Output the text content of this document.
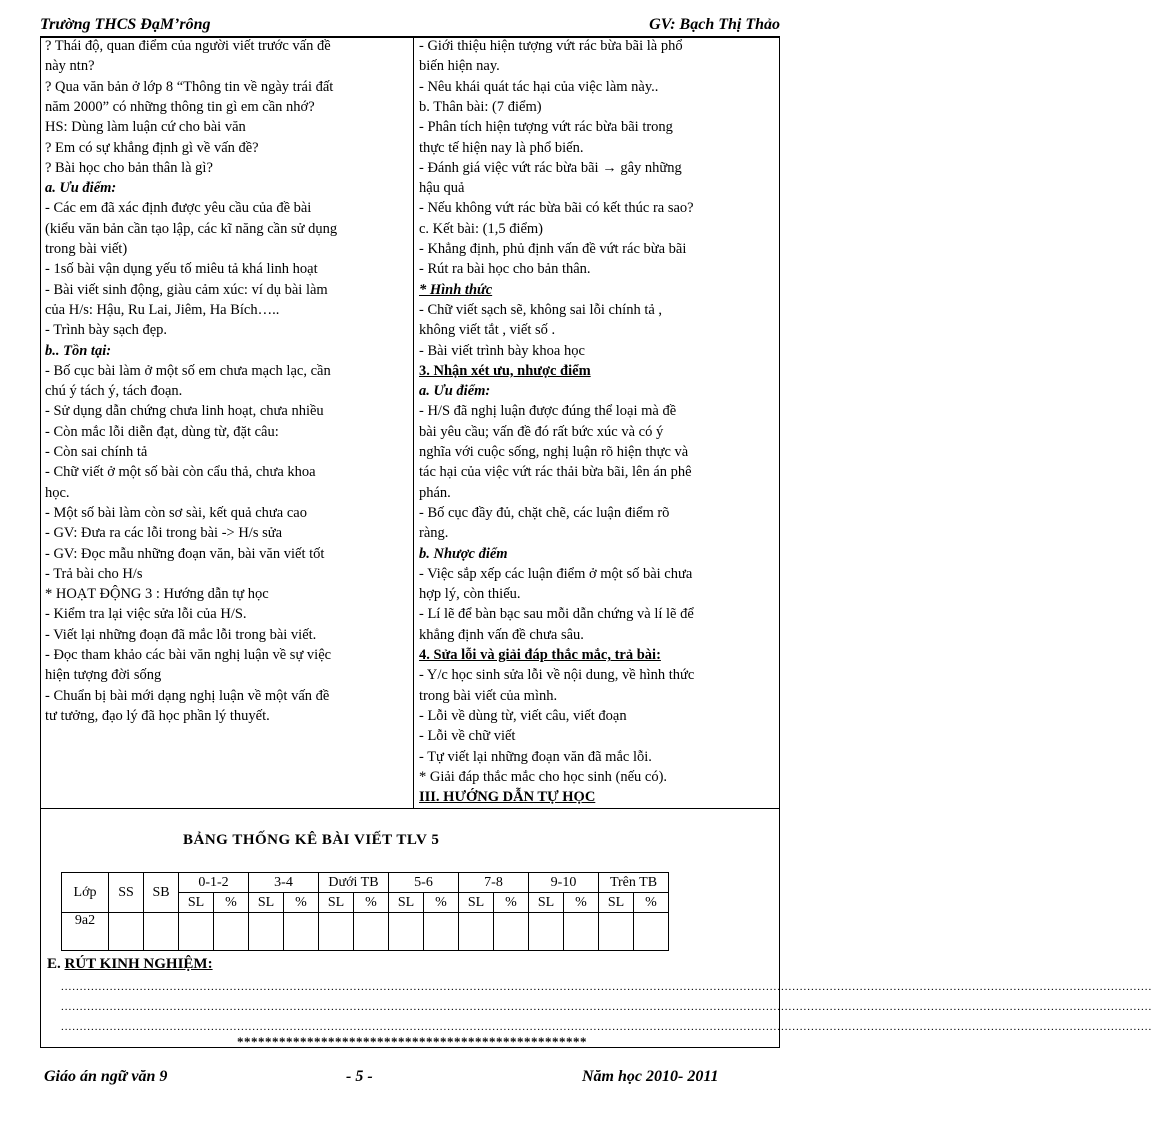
Trường THCS ĐạM’rông	GV: Bạch Thị Thảo
? Thái độ, quan điểm của người viết trước vấn đề
này ntn?
? Qua văn bản ở lớp 8 “Thông tin về ngày trái đất
năm 2000” có những thông tin gì em cần nhớ?
HS: Dùng làm luận cứ cho bài văn
? Em có sự khẳng định gì về vấn đề?
? Bài học cho bản thân là gì?
a. Ưu điểm:
- Các em đã xác định được yêu cầu của đề bài
(kiểu văn bản cần tạo lập, các kĩ năng cần sử dụng
trong bài viết)
- 1số bài vận dụng yếu tố miêu tả khá linh hoạt
- Bài viết sinh động, giàu cảm xúc: ví dụ bài làm
của H/s: Hậu, Ru Lai, Jiêm, Ha Bích…..
- Trình bày sạch đẹp.
b.. Tồn tại:
- Bố cục bài làm ở một số em chưa mạch lạc, cần
chú ý tách ý, tách đoạn.
- Sử dụng dẫn chứng chưa linh hoạt, chưa nhiều
- Còn mắc lỗi diễn đạt, dùng từ, đặt câu:
- Còn sai chính tả
- Chữ viết ở một số bài còn cẩu thả, chưa khoa
học.
- Một số bài làm còn sơ sài, kết quả chưa cao
- GV: Đưa ra các lỗi trong bài -> H/s sửa
- GV: Đọc mẫu những đoạn văn, bài văn viết tốt
- Trả bài cho H/s
* HOẠT ĐỘNG 3 : Hướng dẫn tự học
- Kiểm tra lại việc sửa lỗi của H/S.
- Viết lại những đoạn đã mắc lỗi trong bài viết.
- Đọc tham khảo các bài văn nghị luận về sự việc
hiện tượng đời sống
- Chuẩn bị bài mới dạng nghị luận về một vấn đề
tư tưởng, đạo lý đã học phần lý thuyết.
- Giới thiệu hiện tượng vứt rác bừa bãi là phổ
biến hiện nay.
- Nêu khái quát tác hại của việc làm này..
b. Thân bài: (7 điểm)
- Phân tích hiện tượng vứt rác bừa bãi trong
thực tế hiện nay là phổ biến.
- Đánh giá việc vứt rác bừa bãi → gây những
hậu quả
- Nếu không vứt rác bừa bãi có kết thúc ra sao?
c. Kết bài: (1,5 điểm)
- Khẳng định, phủ định vấn đề vứt rác bừa bãi
- Rút ra bài học cho bản thân.
* Hình thức
- Chữ viết sạch sẽ, không sai lỗi chính tả ,
không viết tắt , viết số .
- Bài viết trình bày khoa học
3. Nhận xét ưu, nhược điểm
a. Ưu điểm:
- H/S đã nghị luận được đúng thể loại mà đề
bài yêu cầu; vấn đề đó rất bức xúc và có ý
nghĩa với cuộc sống, nghị luận rõ hiện thực và
tác hại của việc vứt rác thải bừa bãi, lên án phê
phán.
- Bố cục đầy đủ, chặt chẽ, các luận điểm rõ
ràng.
b. Nhược điểm
- Việc sắp xếp các luận điểm ở một số bài chưa
hợp lý, còn thiếu.
- Lí lẽ để bàn bạc sau mỗi dẫn chứng và lí lẽ để
khẳng định vấn đề chưa sâu.
4. Sửa lỗi và giải đáp thắc mắc, trả bài:
- Y/c học sinh sửa lỗi về nội dung, về hình thức
trong bài viết của mình.
- Lỗi về dùng từ, viết câu, viết đoạn
- Lỗi về chữ viết
- Tự viết lại những đoạn văn đã mắc lỗi.
* Giải đáp thắc mắc cho học sinh (nếu có).
III. HƯỚNG DẪN TỰ HỌC
BẢNG THỐNG KÊ BÀI VIẾT TLV 5
Lớp	SS	SB	0-1-2		3-4		Dưới TB		5-6		7-8		9-10		Trên TB	
			SL	%	SL	%	SL	%	SL	%	SL	%	SL	%	SL	%
9a2																
E. RÚT KINH NGHIỆM:
...................................................................................................................................................................................................................................................................................................
...................................................................................................................................................................................................................................................................................................
...................................................................................................................................................................................................................................................................................................
**************************************************
Giáo án ngữ văn 9	- 5 -	Năm học 2010- 2011
